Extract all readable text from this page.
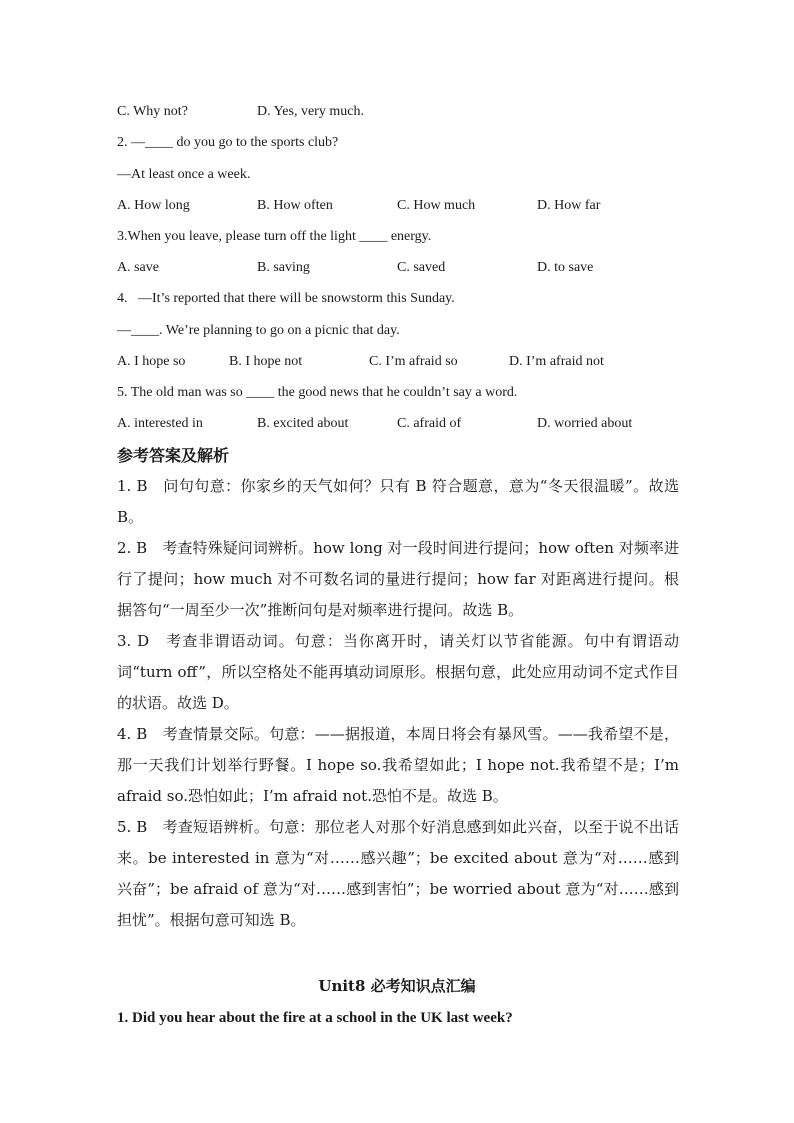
C. Why not?	D. Yes, very much.
2. —____ do you go to the sports club?
—At least once a week.
A. How long	B. How often	C. How much	D. How far
3.When you leave, please turn off the light ____ energy.
A. save	B. saving	C. saved	D. to save
4.   —It’s reported that there will be snowstorm this Sunday.
—____. We’re planning to go on a picnic that day.
A. I hope so	B. I hope not	C. I’m afraid so	D. I’m afraid not
5. The old man was so ____ the good news that he couldn’t say a word.
A. interested in	B. excited about	C. afraid of	D. worried about
参考答案及解析
1. B　问句句意：你家乡的天气如何？只有 B 符合题意，意为“冬天很温暖”。故选 B。
2. B　考查特殊疑问词辨析。how long 对一段时间进行提问；how often 对频率进行了提问；how much 对不可数名词的量进行提问；how far 对距离进行提问。根据答句“一周至少一次”推断问句是对频率进行提问。故选 B。
3. D　考查非谓语动词。句意：当你离开时，请关灯以节省能源。句中有谓语动词“turn off”，所以空格处不能再填动词原形。根据句意，此处应用动词不定式作目的状语。故选 D。
4. B　考查情景交际。句意：——据报道，本周日将会有暴风雪。——我希望不是，那一天我们计划举行野餐。I hope so.我希望如此；I hope not.我希望不是；I’m afraid so.恐怕如此；I’m afraid not.恐怕不是。故选 B。
5. B　考查短语辨析。句意：那位老人对那个好消息感到如此兴奋，以至于说不出话来。be interested in 意为“对……感兴趣”；be excited about 意为“对……感到兴奋”；be afraid of 意为“对……感到害怕”；be worried about 意为“对……感到担忧”。根据句意可知选 B。
Unit8 必考知识点汇编
1. Did you hear about the fire at a school in the UK last week?
